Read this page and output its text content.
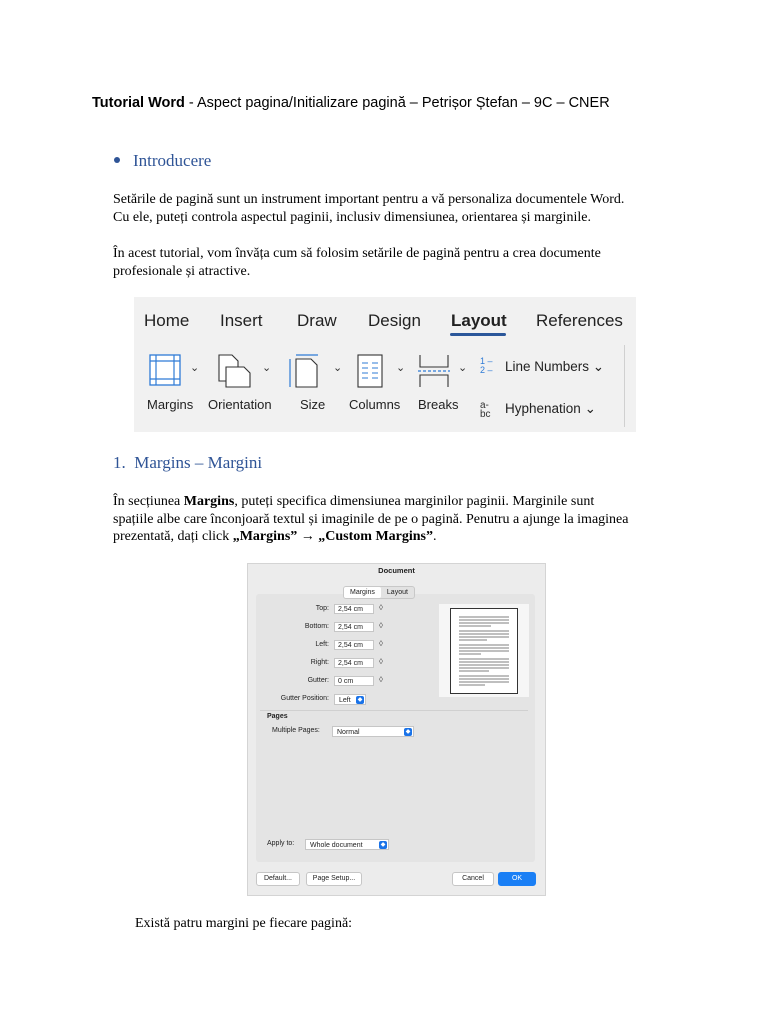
Tutorial Word - Aspect pagina/Initializare pagină – Petrișor Ștefan – 9C – CNER
Introducere
Setările de pagină sunt un instrument important pentru a vă personaliza documentele Word.
Cu ele, puteți controla aspectul paginii, inclusiv dimensiunea, orientarea și marginile.
În acest tutorial, vom învăța cum să folosim setările de pagină pentru a crea documente
profesionale și atractive.
Home Insert Draw Design Layout References
⌄	⌄	⌄	⌄	⌄
Margins Orientation Size Columns Breaks
1 –
2 – Line Numbers ⌄
a-
bc Hyphenation ⌄
1.  Margins – Margini
În secțiunea Margins, puteți specifica dimensiunea marginilor paginii. Marginile sunt
spațiile albe care înconjoară textul și imaginile de pe o pagină. Penutru a ajunge la imaginea
prezentată, dați click „Margins” → „Custom Margins”.
Document
Top:	2,54 cm	◊
Bottom:	2,54 cm	◊
Left:	2,54 cm	◊
Right:	2,54 cm	◊
Gutter:	0 cm	◊
Gutter Position:	Left ◆
Pages
Multiple Pages:	Normal	◆
Apply to:	Whole document	◆
Margins	Layout
Default...	Page Setup...	Cancel	OK
Există patru margini pe fiecare pagină:
